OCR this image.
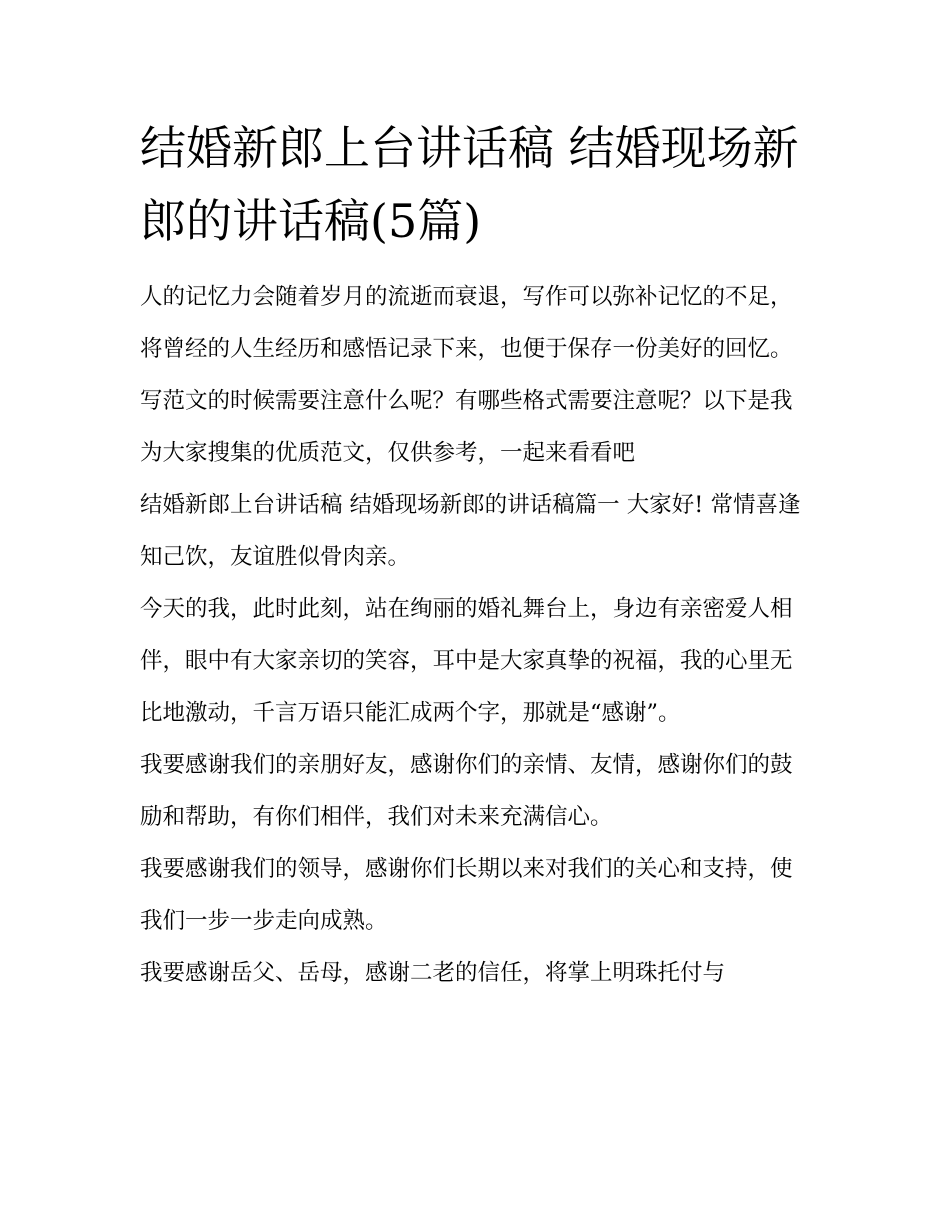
结婚新郎上台讲话稿 结婚现场新郎的讲话稿(5篇)

人的记忆力会随着岁月的流逝而衰退，写作可以弥补记忆的不足，将曾经的人生经历和感悟记录下来，也便于保存一份美好的回忆。写范文的时候需要注意什么呢？有哪些格式需要注意呢？以下是我为大家搜集的优质范文，仅供参考，一起来看看吧

结婚新郎上台讲话稿 结婚现场新郎的讲话稿篇一 大家好! 常情喜逢知己饮，友谊胜似骨肉亲。

今天的我，此时此刻，站在绚丽的婚礼舞台上，身边有亲密爱人相伴，眼中有大家亲切的笑容，耳中是大家真挚的祝福，我的心里无比地激动，千言万语只能汇成两个字，那就是“感谢”。

我要感谢我们的亲朋好友，感谢你们的亲情、友情，感谢你们的鼓励和帮助，有你们相伴，我们对未来充满信心。

我要感谢我们的领导，感谢你们长期以来对我们的关心和支持，使我们一步一步走向成熟。

我要感谢岳父、岳母，感谢二老的信任，将掌上明珠托付与
